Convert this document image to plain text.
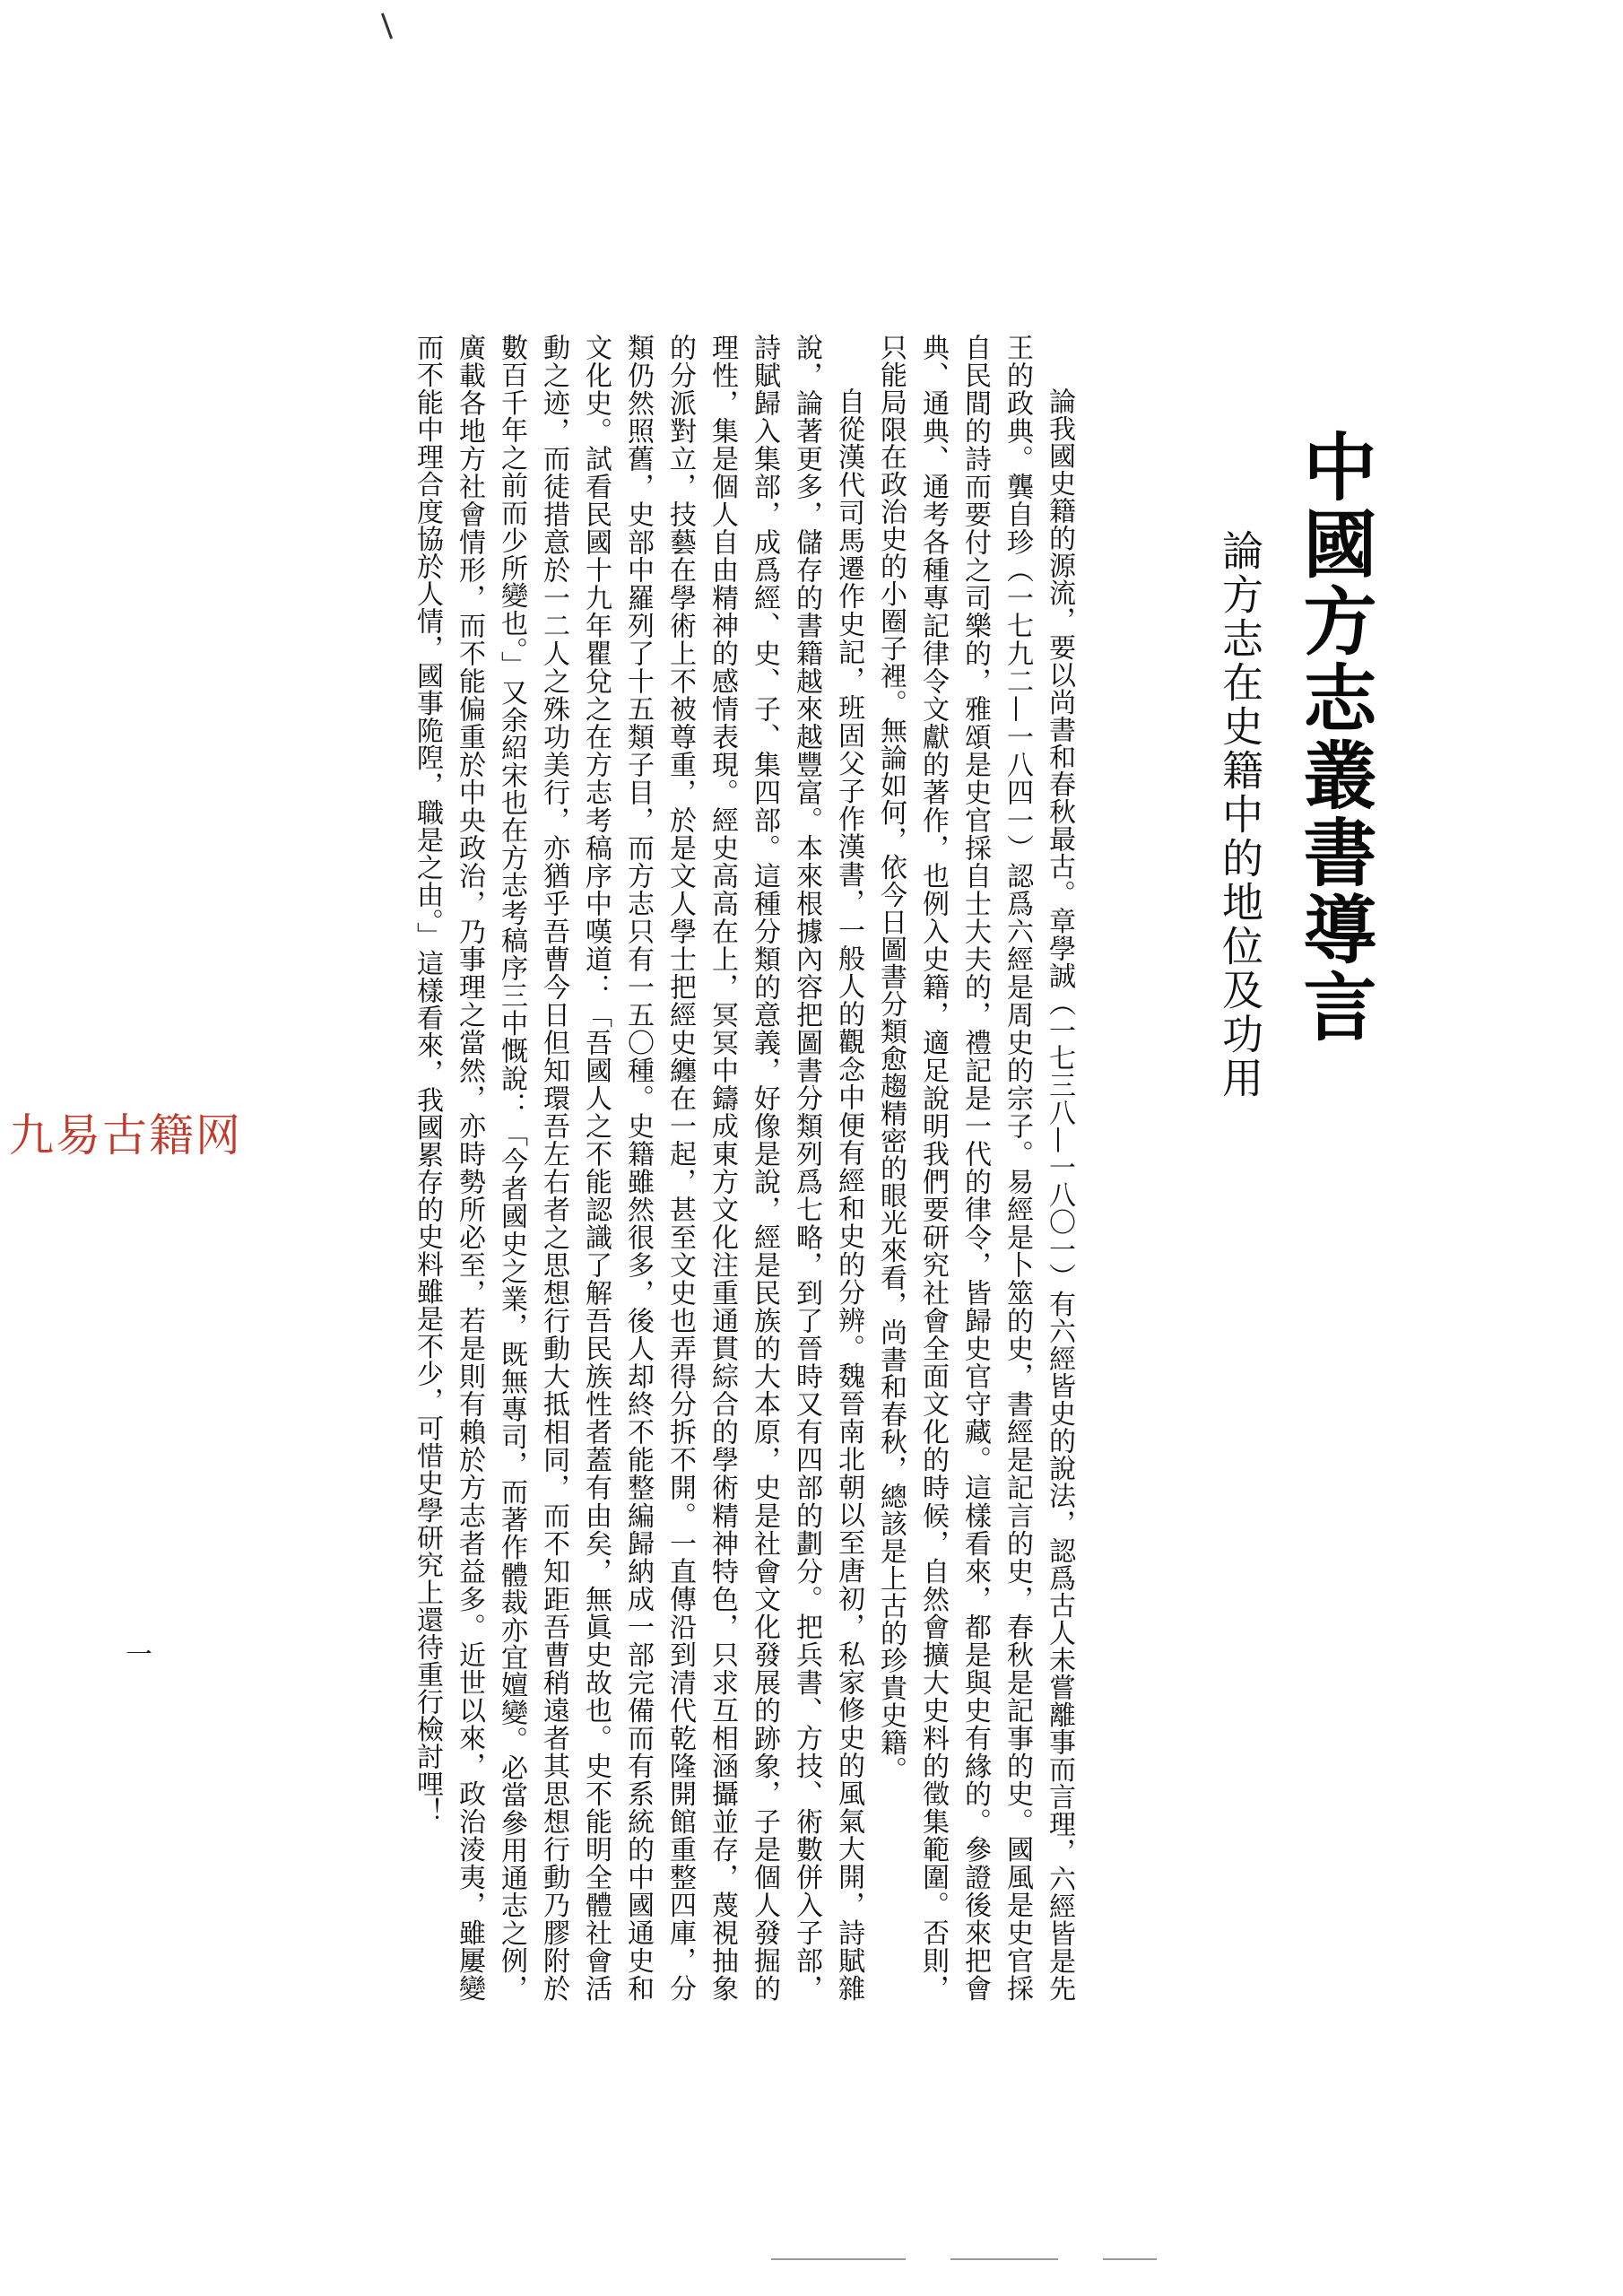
中國方志叢書導言
論方志在史籍中的地位及功用

論我國史籍的源流，要以尚書和春秋最古。章學誠（一七三八—一八〇一）有六經皆史的說法，認爲古人未嘗離事而言理，六經皆是先王的政典。龔自珍（一七九二—一八四一）認爲六經是周史的宗子。易經是卜筮的史，書經是記言的史，春秋是記事的史。國風是史官採自民間的詩而要付之司樂的，雅頌是史官採自士大夫的，禮記是一代的律令，皆歸史官守藏。這樣看來，都是與史有緣的。參證後來把會典、通典、通考各種專記律令文獻的著作，也例入史籍，適足說明我們要研究社會全面文化的時候，自然會擴大史料的徵集範圍。否則，只能局限在政治史的小圈子裡。無論如何，依今日圖書分類愈趨精密的眼光來看，尚書和春秋，總該是上古的珍貴史籍。

自從漢代司馬遷作史記，班固父子作漢書，一般人的觀念中便有經和史的分辨。魏晉南北朝以至唐初，私家修史的風氣大開，詩賦雜說，論著更多，儲存的書籍越來越豐富。本來根據內容把圖書分類列爲七略，到了晉時又有四部的劃分。把兵書、方技、術數併入子部，詩賦歸入集部，成爲經、史、子、集四部。這種分類的意義，好像是說，經是民族的大本原，史是社會文化發展的跡象，子是個人發掘的理性，集是個人自由精神的感情表現。經史高高在上，冥冥中鑄成東方文化注重通貫綜合的學術精神特色，只求互相涵攝並存，蔑視抽象的分派對立，技藝在學術上不被尊重，於是文人學士把經史纏在一起，甚至文史也弄得分拆不開。一直傳沿到清代乾隆開館重整四庫，分類仍然照舊，史部中羅列了十五類子目，而方志只有一五〇種。史籍雖然很多，後人却終不能整編歸納成一部完備而有系統的中國通史和文化史。試看民國十九年瞿兌之在方志考稿序中嘆道：「吾國人之不能認識了解吾民族性者蓋有由矣，無眞史故也。史不能明全體社會活動之迹，而徒措意於一二人之殊功美行，亦猶乎吾曹今日但知環吾左右者之思想行動大抵相同，而不知距吾曹稍遠者其思想行動乃膠附於數百千年之前而少所變也。」又余紹宋也在方志考稿序三中慨說：「今者國史之業，既無專司，而著作體裁亦宜嬗變。必當參用通志之例，廣載各地方社會情形，而不能偏重於中央政治，乃事理之當然，亦時勢所必至，若是則有賴於方志者益多。近世以來，政治淩夷，雖屢變而不能中理合度協於人情，國事陒隉，職是之由。」這樣看來，我國累存的史料雖是不少，可惜史學研究上還待重行檢討哩！

九易古籍网
一
